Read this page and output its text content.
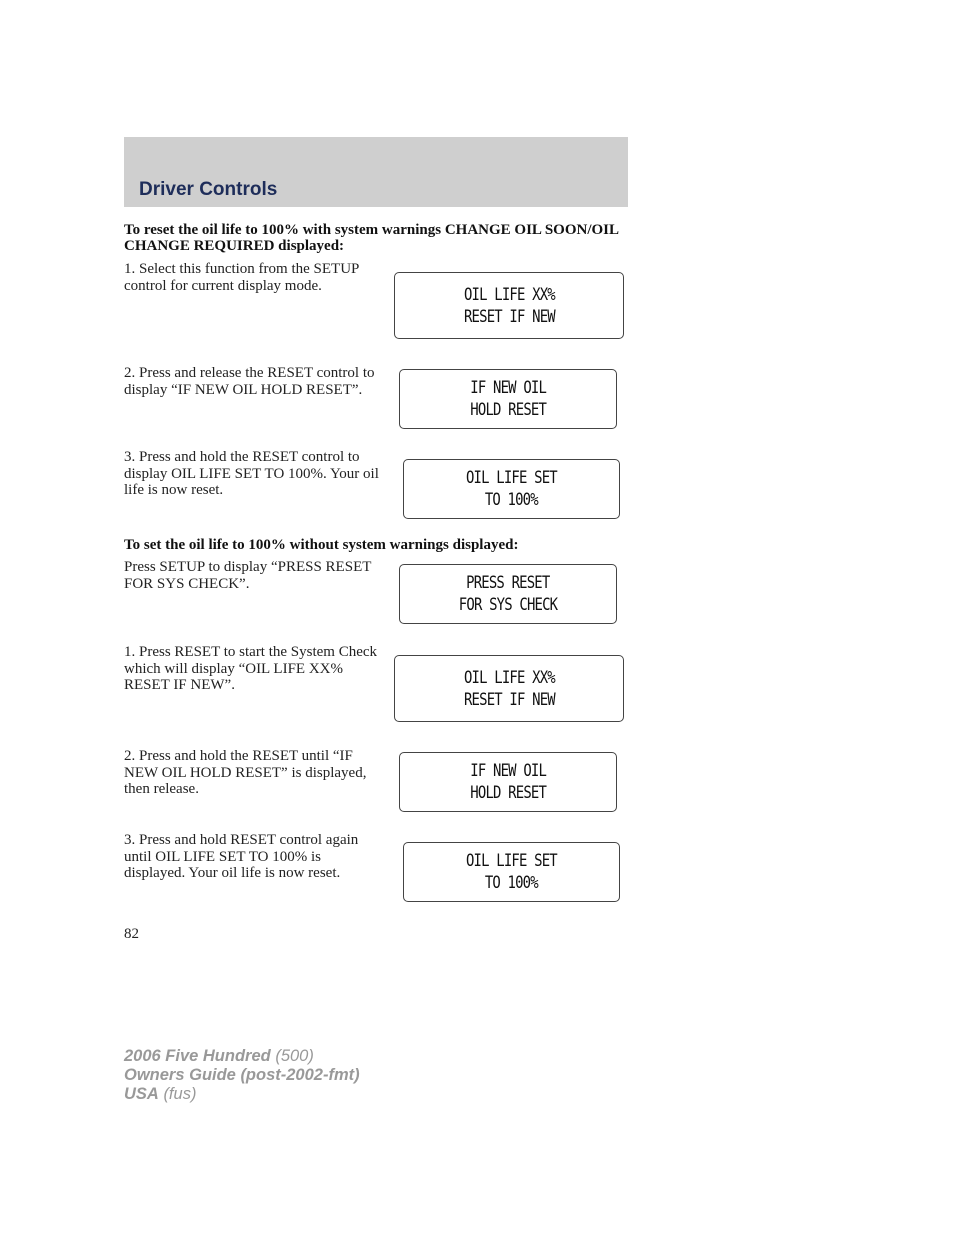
Driver Controls
To reset the oil life to 100% with system warnings CHANGE OIL SOON/OIL CHANGE REQUIRED displayed:
1. Select this function from the SETUP control for current display mode.	OIL LIFE XX%
RESET IF NEW
2. Press and release the RESET control to display “IF NEW OIL HOLD RESET”.	IF NEW OIL
HOLD RESET
3. Press and hold the RESET control to display OIL LIFE SET TO 100%. Your oil life is now reset.
OIL LIFE SET
TO 100%
To set the oil life to 100% without system warnings displayed:
Press SETUP to display “PRESS RESET FOR SYS CHECK”.	PRESS RESET
FOR SYS CHECK
1. Press RESET to start the System Check which will display “OIL LIFE XX% RESET IF NEW”.	OIL LIFE XX%
RESET IF NEW
2. Press and hold the RESET until “IF NEW OIL HOLD RESET” is displayed, then release.
IF NEW OIL
HOLD RESET
3. Press and hold RESET control again until OIL LIFE SET TO 100% is displayed. Your oil life is now reset.
OIL LIFE SET
TO 100%
82
2006 Five Hundred (500)
Owners Guide (post-2002-fmt)
USA (fus)
